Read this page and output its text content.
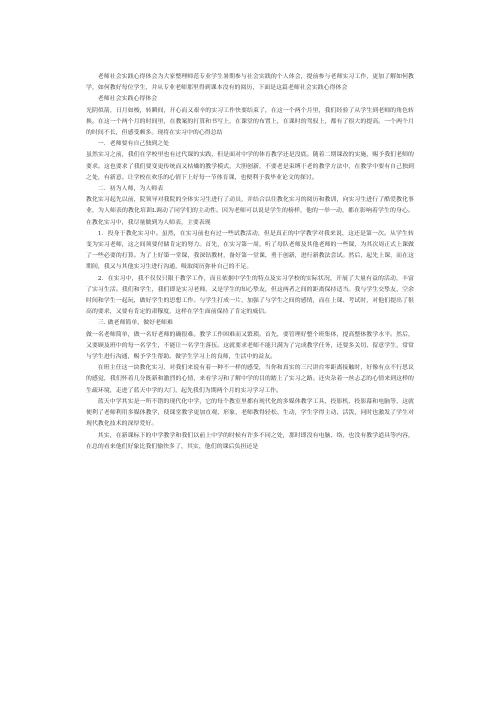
老师社会实践心得体会为大家整理师范专业学生暑期参与社会实践的个人体会，提前参与老师实习工作，更加了解如何教学，如何教好每位学生，并从专业老师那里得到课本没有的阅历，下面是这篇老师社会实践心得体会

老师社会实践心得体会

光阴似箭，日月如梭，转瞬间，开心而又艰辛的实习工作快要结束了，在这一个两个月里，我们经验了从学生到老师的角色转换。在这一个两个月的时间里，在教案的打算和书写上，在课堂的布置上，在课时的驾驭上，都有了很大的提高。一个两个月的时间不长，但感受颇多。现将在实习中的心得总结

一．老师要有自己独到之处

虽然实习之前，我们在学校里也有过代课的实践，但是面对中学的体育教学还是没底。随着二期课改的实施，赐予我们老师的要求。这也要求了我们要变更传统而又枯燥的教学模式，大胆创新，不要老是束缚于老的教学方法中，在教学中要有自己独到之处，有新意。让学校在欢乐的心情下上好每一节体育课，也便利于我毕业论文的探讨。

二．初为人师，为人师表

教化实习起先以前，院领导对我院的全体实习生进行了动员，并结合以往教化实习的阅历和教训，向实习生进行了酷爱教化事业，为人师表的教化培训L调动了同学们的主动性。因为老师可以说是学生的榜样，他的一举一动，都在影响着学生的身心。在教化实习中，我尽量做到为人师表，主要表现

1．投身于教化实习中。虽然，在实习前也有过一些试教活动，但是真正的中学教学对我来说，这还是第一次。从学生转变为实习老师，这之间须要付储肯定的努力。首先，在实习第一周，听了母队老师及其他老师的一些课，为其次周正式上课做了一些必要的打算。为了上好第一堂课，我深钻教材，备好第一堂课，勇于创新，进行新教法尝试。然后，起先上课，而在这期间，我又与其他实习生进行沟通，吸取阅历弥补自己的不足。

2．在实习中，我不仅仅只限于教学工作，而且依据中学生的特点及实习学校的实际状况，开展了大量有益的活动，丰富了实习生活。我们和学生，我们即是实习老师，又是学生的知心挚友，但这两者之间的距离保持适当。我与学生交挚友，空余时间和学生一起玩，做好学生的思想工作。与学生打成一片，加强了与学生之间的感情，而在上课、考试时，对他们提出了很高的要求，又要有肯定的肃穆度，这样在学生面前保持了肯定的威信。

三. 做老师简单，做好老师难

做一名老师简单，做一名好老师的确很难。教学工作困难而又繁琐。首先，要管理好整个班集体，提高整体教学水平。然后，又要顾及班中的每一名学生，不能让一名学生落伍。这就要求老师不能只满为了完成教学任务，还要多关切、留意学生，常常与学生进行沟通，赐予学生帮助。做学生学习上的良师，生活中的益友。

在班主任这一块教化实习，对我们来说有着一种不一样的感受，当你和真实的三尺讲台零距离接触时，好像有点不行思议的感觉，我们怀着几分既新和激烈的心情，来看学习和了解中学的目的踏上了实习之路。还央杂着一丝忐忑的心情来到这样的生疏环境，走进了蓝天中学的大门，起先我们为期两个月的实习学习工作。

蓝天中学其实是一所不错的现代化中学，它的每个教室里都有现代化的多媒体教学工具、投影机、投影幕和电脑等，这就便利了老师利用多媒体教学，使课堂教学更加直观、形象，老师教得轻松、生动，学生学得主动、活泼，同时也激发了学生对现代教化技术的深厚爱好。

其实，在新课标下的中学教学和我们以前上中学的时候有许多不同之处，那时即没有电脑、络，也没有教学道具等内容，在总的看来他们好象比我们愉快多了，其实，他们的课后负担还是
